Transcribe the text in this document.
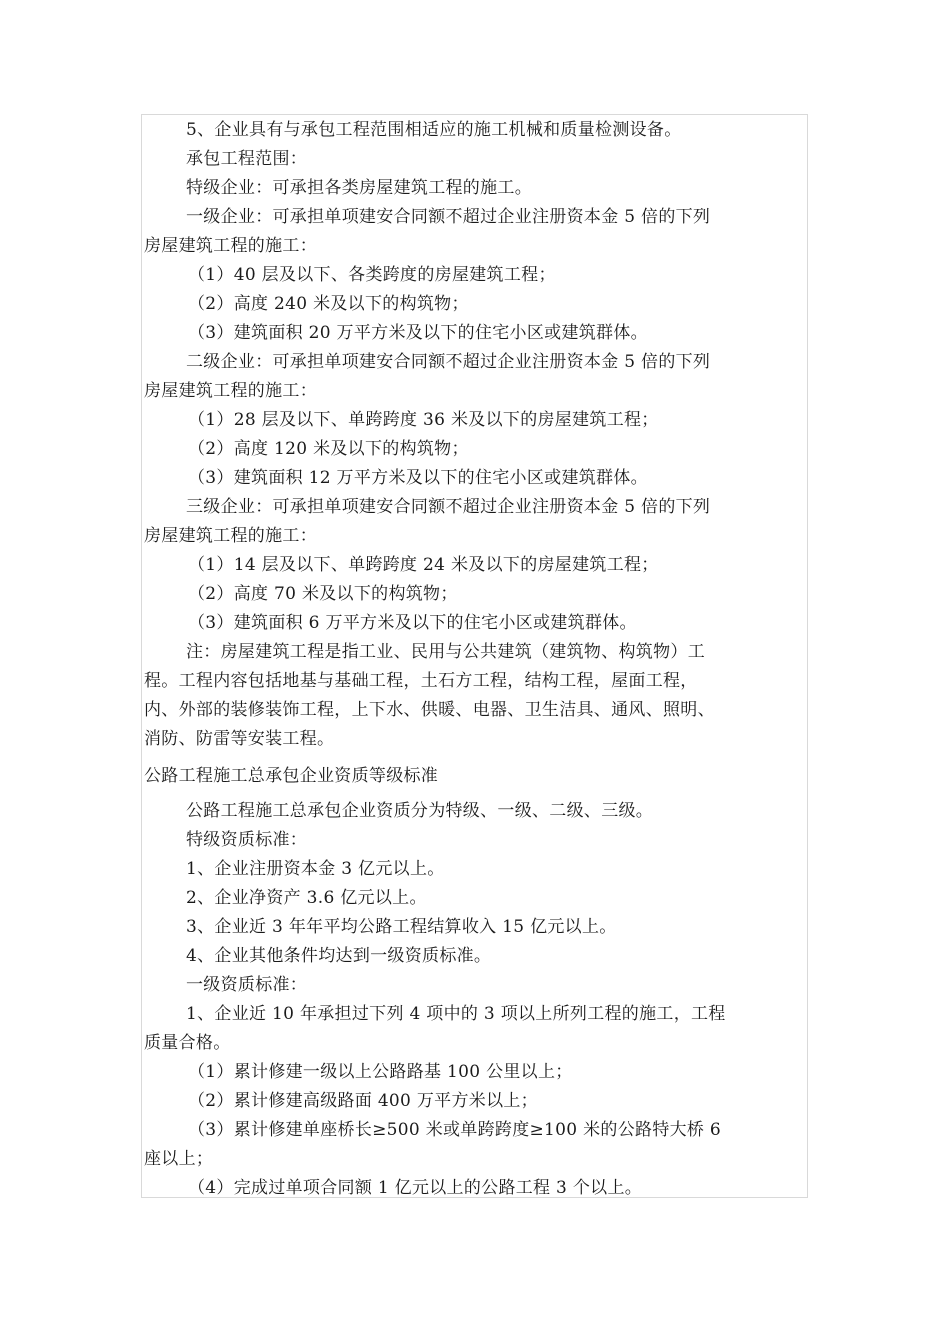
5、企业具有与承包工程范围相适应的施工机械和质量检测设备。
承包工程范围：
特级企业：可承担各类房屋建筑工程的施工。
一级企业：可承担单项建安合同额不超过企业注册资本金 5 倍的下列
房屋建筑工程的施工：
（1）40 层及以下、各类跨度的房屋建筑工程；
（2）高度 240 米及以下的构筑物；
（3）建筑面积 20 万平方米及以下的住宅小区或建筑群体。
二级企业：可承担单项建安合同额不超过企业注册资本金 5 倍的下列
房屋建筑工程的施工：
（1）28 层及以下、单跨跨度 36 米及以下的房屋建筑工程；
（2）高度 120 米及以下的构筑物；
（3）建筑面积 12 万平方米及以下的住宅小区或建筑群体。
三级企业：可承担单项建安合同额不超过企业注册资本金 5 倍的下列
房屋建筑工程的施工：
（1）14 层及以下、单跨跨度 24 米及以下的房屋建筑工程；
（2）高度 70 米及以下的构筑物；
（3）建筑面积 6 万平方米及以下的住宅小区或建筑群体。
注：房屋建筑工程是指工业、民用与公共建筑（建筑物、构筑物）工
程。工程内容包括地基与基础工程，土石方工程，结构工程，屋面工程，
内、外部的装修装饰工程，上下水、供暖、电器、卫生洁具、通风、照明、
消防、防雷等安装工程。
公路工程施工总承包企业资质等级标准
公路工程施工总承包企业资质分为特级、一级、二级、三级。
特级资质标准：
1、企业注册资本金 3 亿元以上。
2、企业净资产 3.6 亿元以上。
3、企业近 3 年年平均公路工程结算收入 15 亿元以上。
4、企业其他条件均达到一级资质标准。
一级资质标准：
1、企业近 10 年承担过下列 4 项中的 3 项以上所列工程的施工，工程
质量合格。
（1）累计修建一级以上公路路基 100 公里以上；
（2）累计修建高级路面 400 万平方米以上；
（3）累计修建单座桥长≥500 米或单跨跨度≥100 米的公路特大桥 6
座以上；
（4）完成过单项合同额 1 亿元以上的公路工程 3 个以上。
